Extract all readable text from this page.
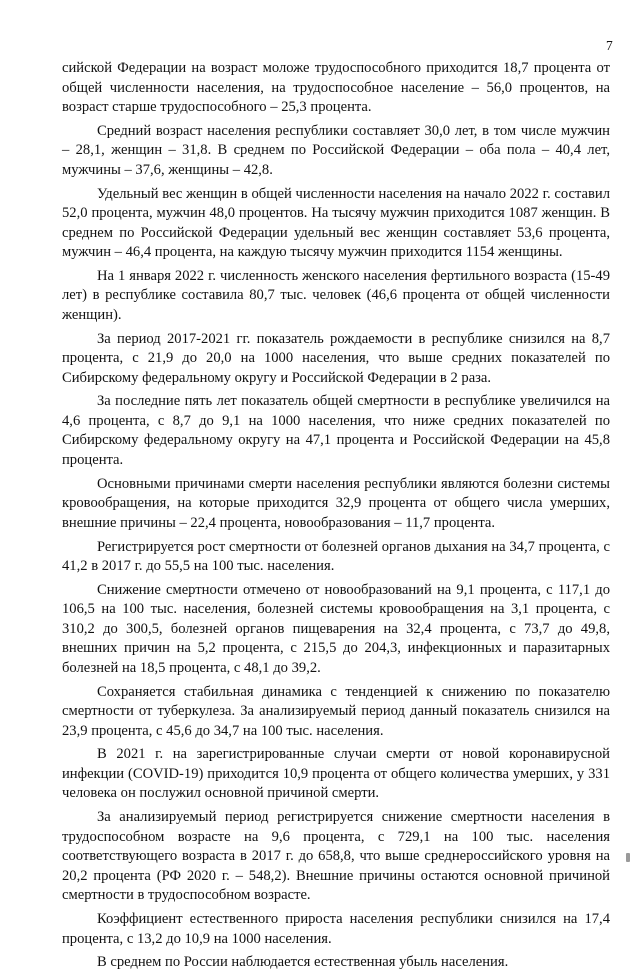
7

сийской Федерации на возраст моложе трудоспособного приходится 18,7 процента от общей численности населения, на трудоспособное население – 56,0 процентов, на возраст старше трудоспособного – 25,3 процента.

Средний возраст населения республики составляет 30,0 лет, в том числе мужчин – 28,1, женщин – 31,8. В среднем по Российской Федерации – оба пола – 40,4 лет, мужчины – 37,6, женщины – 42,8.

Удельный вес женщин в общей численности населения на начало 2022 г. составил 52,0 процента, мужчин 48,0 процентов. На тысячу мужчин приходится 1087 женщин. В среднем по Российской Федерации удельный вес женщин составляет 53,6 процента, мужчин – 46,4 процента, на каждую тысячу мужчин приходится 1154 женщины.

На 1 января 2022 г. численность женского населения фертильного возраста (15-49 лет) в республике составила 80,7 тыс. человек (46,6 процента от общей численности женщин).

За период 2017-2021 гг. показатель рождаемости в республике снизился на 8,7 процента, с 21,9 до 20,0 на 1000 населения, что выше средних показателей по Сибирскому федеральному округу и Российской Федерации в 2 раза.

За последние пять лет показатель общей смертности в республике увеличился на 4,6 процента, с 8,7 до 9,1 на 1000 населения, что ниже средних показателей по Сибирскому федеральному округу на 47,1 процента и Российской Федерации на 45,8 процента.

Основными причинами смерти населения республики являются болезни системы кровообращения, на которые приходится 32,9 процента от общего числа умерших, внешние причины – 22,4 процента, новообразования – 11,7 процента.

Регистрируется рост смертности от болезней органов дыхания на 34,7 процента, с 41,2 в 2017 г. до 55,5 на 100 тыс. населения.

Снижение смертности отмечено от новообразований на 9,1 процента, с 117,1 до 106,5 на 100 тыс. населения, болезней системы кровообращения на 3,1 процента, с 310,2 до 300,5, болезней органов пищеварения на 32,4 процента, с 73,7 до 49,8, внешних причин на 5,2 процента, с 215,5 до 204,3, инфекционных и паразитарных болезней на 18,5 процента, с 48,1 до 39,2.

Сохраняется стабильная динамика с тенденцией к снижению по показателю смертности от туберкулеза. За анализируемый период данный показатель снизился на 23,9 процента, с 45,6 до 34,7 на 100 тыс. населения.

В 2021 г. на зарегистрированные случаи смерти от новой коронавирусной инфекции (COVID-19) приходится 10,9 процента от общего количества умерших, у 331 человека он послужил основной причиной смерти.

За анализируемый период регистрируется снижение смертности населения в трудоспособном возрасте на 9,6 процента, с 729,1 на 100 тыс. населения соответствующего возраста в 2017 г. до 658,8, что выше среднероссийского уровня на 20,2 процента (РФ 2020 г. – 548,2). Внешние причины остаются основной причиной смертности в трудоспособном возрасте.

Коэффициент естественного прироста населения республики снизился на 17,4 процента, с 13,2 до 10,9 на 1000 населения.

В среднем по России наблюдается естественная убыль населения.
